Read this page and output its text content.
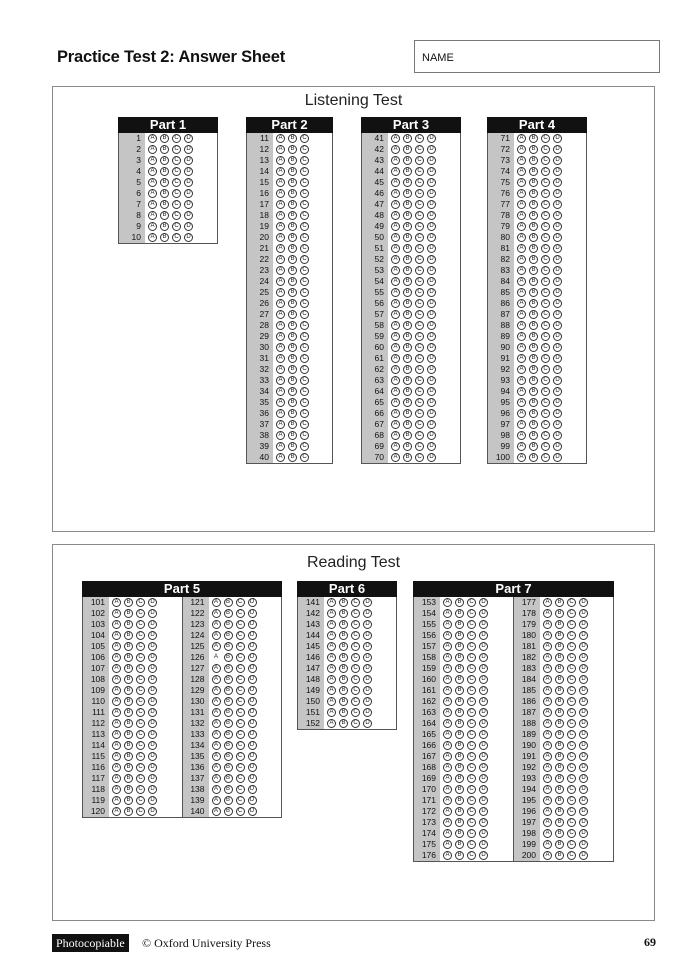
Practice Test 2: Answer Sheet	NAME
Listening Test
Part 1
1	A	B	C	D
2	A	B	C	D
3	A	B	C	D
4	A	B	C	D
5	A	B	C	D
6	A	B	C	D
7	A	B	C	D
8	A	B	C	D
9	A	B	C	D
10	A	B	C	D
Part 2
11	A	B	C
12	A	B	C
13	A	B	C
14	A	B	C
15	A	B	C
16	A	B	C
17	A	B	C
18	A	B	C
19	A	B	C
20	A	B	C
21	A	B	C
22	A	B	C
23	A	B	C
24	A	B	C
25	A	B	C
26	A	B	C
27	A	B	C
28	A	B	C
29	A	B	C
30	A	B	C
31	A	B	C
32	A	B	C
33	A	B	C
34	A	B	C
35	A	B	C
36	A	B	C
37	A	B	C
38	A	B	C
39	A	B	C
40	A	B	C
Part 3
41	A	B	C	D
42	A	B	C	D
43	A	B	C	D
44	A	B	C	D
45	A	B	C	D
46	A	B	C	D
47	A	B	C	D
48	A	B	C	D
49	A	B	C	D
50	A	B	C	D
51	A	B	C	D
52	A	B	C	D
53	A	B	C	D
54	A	B	C	D
55	A	B	C	D
56	A	B	C	D
57	A	B	C	D
58	A	B	C	D
59	A	B	C	D
60	A	B	C	D
61	A	B	C	D
62	A	B	C	D
63	A	B	C	D
64	A	B	C	D
65	A	B	C	D
66	A	B	C	D
67	A	B	C	D
68	A	B	C	D
69	A	B	C	D
70	A	B	C	D
Part 4
71	A	B	C	D
72	A	B	C	D
73	A	B	C	D
74	A	B	C	D
75	A	B	C	D
76	A	B	C	D
77	A	B	C	D
78	A	B	C	D
79	A	B	C	D
80	A	B	C	D
81	A	B	C	D
82	A	B	C	D
83	A	B	C	D
84	A	B	C	D
85	A	B	C	D
86	A	B	C	D
87	A	B	C	D
88	A	B	C	D
89	A	B	C	D
90	A	B	C	D
91	A	B	C	D
92	A	B	C	D
93	A	B	C	D
94	A	B	C	D
95	A	B	C	D
96	A	B	C	D
97	A	B	C	D
98	A	B	C	D
99	A	B	C	D
100	A	B	C	D
Reading Test
Part 5
101	A	B	C	D
102	A	B	C	D
103	A	B	C	D
104	A	B	C	D
105	A	B	C	D
106	A	B	C	D
107	A	B	C	D
108	A	B	C	D
109	A	B	C	D
110	A	B	C	D
111	A	B	C	D
112	A	B	C	D
113	A	B	C	D
114	A	B	C	D
115	A	B	C	D
116	A	B	C	D
117	A	B	C	D
118	A	B	C	D
119	A	B	C	D
120	A	B	C	D
121	A	B	C	D
122	A	B	C	D
123	A	B	C	D
124	A	B	C	D
125	A	B	C	D
126	A	B	C	D
127	A	B	C	D
128	A	B	C	D
129	A	B	C	D
130	A	B	C	D
131	A	B	C	D
132	A	B	C	D
133	A	B	C	D
134	A	B	C	D
135	A	B	C	D
136	A	B	C	D
137	A	B	C	D
138	A	B	C	D
139	A	B	C	D
140	A	B	C	D
Part 6
141	A	B	C	D
142	A	B	C	D
143	A	B	C	D
144	A	B	C	D
145	A	B	C	D
146	A	B	C	D
147	A	B	C	D
148	A	B	C	D
149	A	B	C	D
150	A	B	C	D
151	A	B	C	D
152	A	B	C	D
Part 7
153	A	B	C	D
154	A	B	C	D
155	A	B	C	D
156	A	B	C	D
157	A	B	C	D
158	A	B	C	D
159	A	B	C	D
160	A	B	C	D
161	A	B	C	D
162	A	B	C	D
163	A	B	C	D
164	A	B	C	D
165	A	B	C	D
166	A	B	C	D
167	A	B	C	D
168	A	B	C	D
169	A	B	C	D
170	A	B	C	D
171	A	B	C	D
172	A	B	C	D
173	A	B	C	D
174	A	B	C	D
175	A	B	C	D
176	A	B	C	D
177	A	B	C	D
178	A	B	C	D
179	A	B	C	D
180	A	B	C	D
181	A	B	C	D
182	A	B	C	D
183	A	B	C	D
184	A	B	C	D
185	A	B	C	D
186	A	B	C	D
187	A	B	C	D
188	A	B	C	D
189	A	B	C	D
190	A	B	C	D
191	A	B	C	D
192	A	B	C	D
193	A	B	C	D
194	A	B	C	D
195	A	B	C	D
196	A	B	C	D
197	A	B	C	D
198	A	B	C	D
199	A	B	C	D
200	A	B	C	D
Photocopiable	© Oxford University Press	69
